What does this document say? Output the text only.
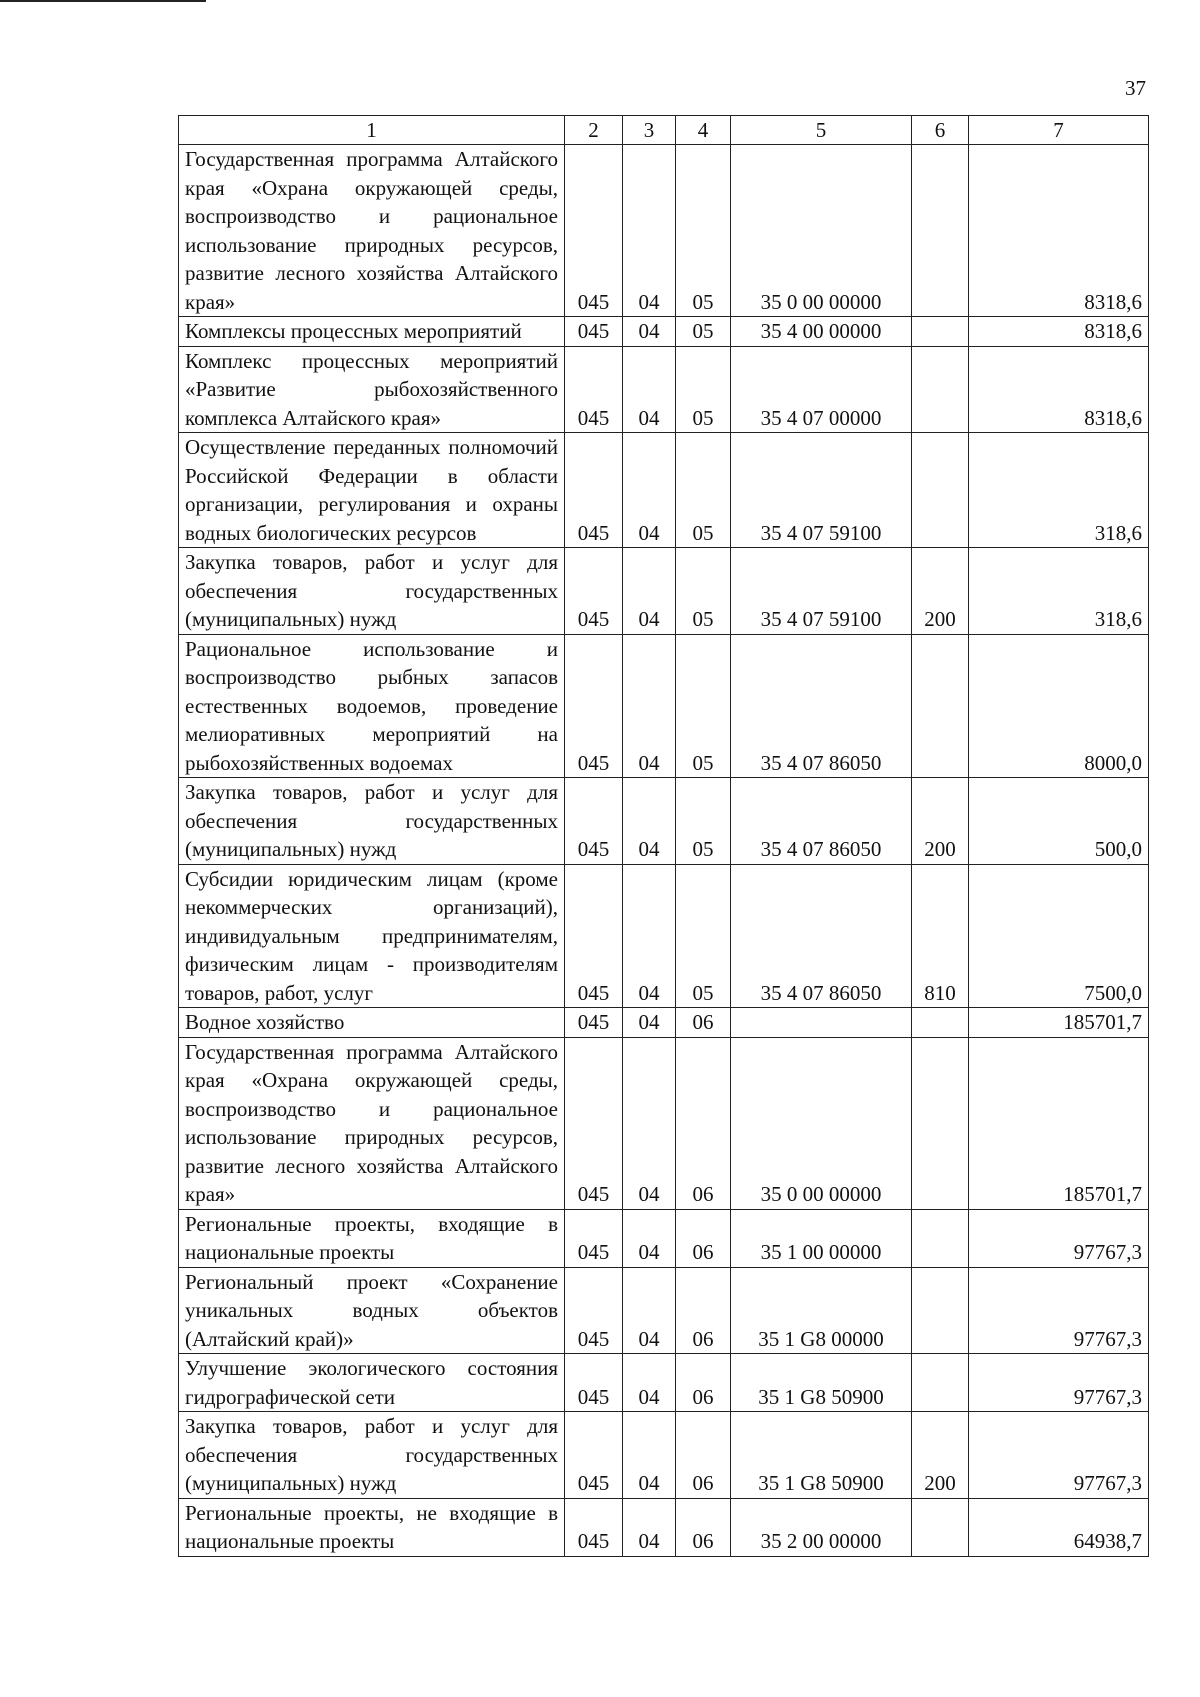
37
1	2	3	4	5	6	7
Государственная программа Алтайского края «Охрана окружающей среды, воспроизводство и рациональное использование природных ресурсов, развитие лесного хозяйства Алтайского края»	045	04	05	35 0 00 00000		8318,6
Комплексы процессных мероприятий	045	04	05	35 4 00 00000		8318,6
Комплекс процессных мероприятий «Развитие рыбохозяйственного комплекса Алтайского края»	045	04	05	35 4 07 00000		8318,6
Осуществление переданных полномочий Российской Федерации в области организации, регулирования и охраны водных биологических ресурсов	045	04	05	35 4 07 59100		318,6
Закупка товаров, работ и услуг для обеспечения государственных (муниципальных) нужд	045	04	05	35 4 07 59100	200	318,6
Рациональное использование и воспроизводство рыбных запасов естественных водоемов, проведение мелиоративных мероприятий на рыбохозяйственных водоемах	045	04	05	35 4 07 86050		8000,0
Закупка товаров, работ и услуг для обеспечения государственных (муниципальных) нужд	045	04	05	35 4 07 86050	200	500,0
Субсидии юридическим лицам (кроме некоммерческих организаций), индивидуальным предпринимателям, физическим лицам - производителям товаров, работ, услуг	045	04	05	35 4 07 86050	810	7500,0
Водное хозяйство	045	04	06			185701,7
Государственная программа Алтайского края «Охрана окружающей среды, воспроизводство и рациональное использование природных ресурсов, развитие лесного хозяйства Алтайского края»	045	04	06	35 0 00 00000		185701,7
Региональные проекты, входящие в национальные проекты	045	04	06	35 1 00 00000		97767,3
Региональный проект «Сохранение уникальных водных объектов (Алтайский край)»	045	04	06	35 1 G8 00000		97767,3
Улучшение экологического состояния гидрографической сети	045	04	06	35 1 G8 50900		97767,3
Закупка товаров, работ и услуг для обеспечения государственных (муниципальных) нужд	045	04	06	35 1 G8 50900	200	97767,3
Региональные проекты, не входящие в национальные проекты	045	04	06	35 2 00 00000		64938,7
